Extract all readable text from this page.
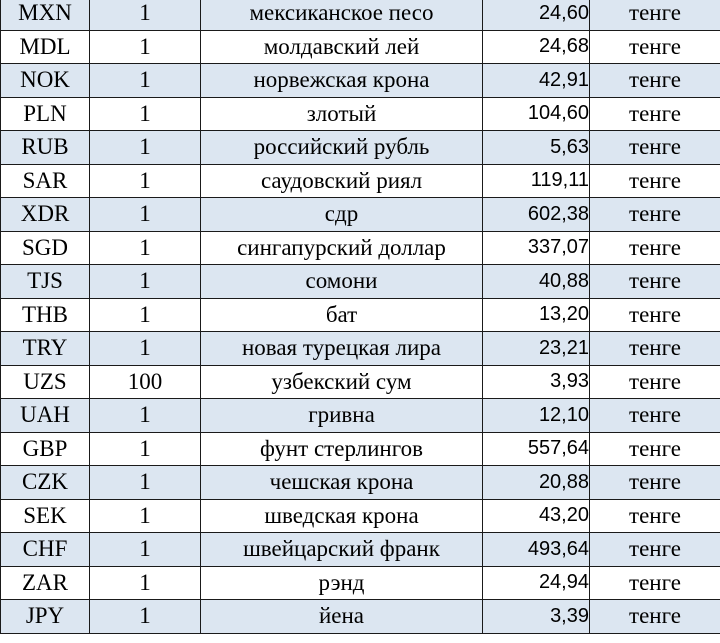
MXN	1	мексиканское песо	24,60	тенге
MDL	1	молдавский лей	24,68	тенге
NOK	1	норвежская крона	42,91	тенге
PLN	1	злотый	104,60	тенге
RUB	1	российский рубль	5,63	тенге
SAR	1	саудовский риял	119,11	тенге
XDR	1	сдр	602,38	тенге
SGD	1	сингапурский доллар	337,07	тенге
TJS	1	сомони	40,88	тенге
THB	1	бат	13,20	тенге
TRY	1	новая турецкая лира	23,21	тенге
UZS	100	узбекский сум	3,93	тенге
UAH	1	гривна	12,10	тенге
GBP	1	фунт стерлингов	557,64	тенге
CZK	1	чешская крона	20,88	тенге
SEK	1	шведская крона	43,20	тенге
CHF	1	швейцарский франк	493,64	тенге
ZAR	1	рэнд	24,94	тенге
JPY	1	йена	3,39	тенге
